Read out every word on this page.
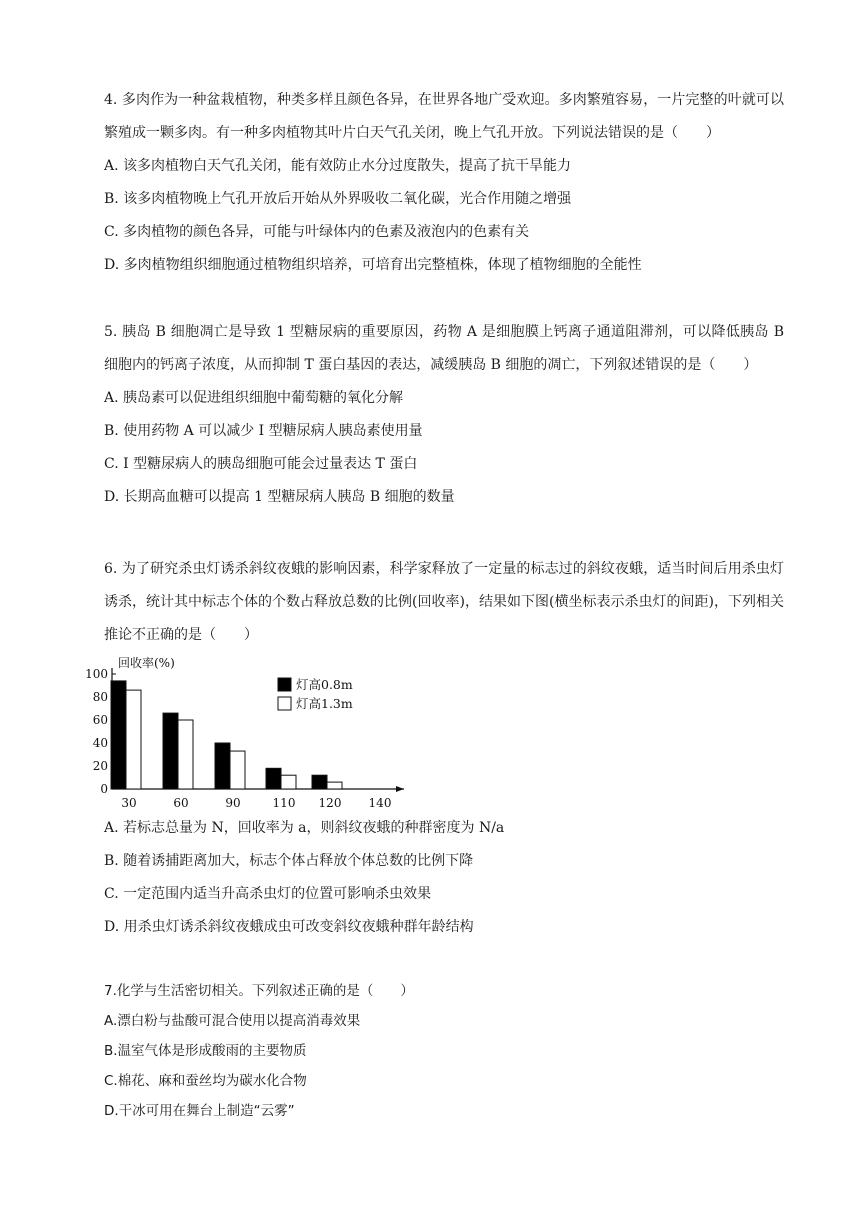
4. 多肉作为一种盆栽植物，种类多样且颜色各异，在世界各地广受欢迎。多肉繁殖容易，一片完整的叶就可以繁殖成一颗多肉。有一种多肉植物其叶片白天气孔关闭，晚上气孔开放。下列说法错误的是（　　）

A. 该多肉植物白天气孔关闭，能有效防止水分过度散失，提高了抗干旱能力

B. 该多肉植物晚上气孔开放后开始从外界吸收二氧化碳，光合作用随之增强

C. 多肉植物的颜色各异，可能与叶绿体内的色素及液泡内的色素有关

D. 多肉植物组织细胞通过植物组织培养，可培育出完整植株，体现了植物细胞的全能性

5. 胰岛 B 细胞凋亡是导致 1 型糖尿病的重要原因，药物 A 是细胞膜上钙离子通道阻滞剂，可以降低胰岛 B 细胞内的钙离子浓度，从而抑制 T 蛋白基因的表达，减缓胰岛 B 细胞的凋亡，下列叙述错误的是（　　）

A. 胰岛素可以促进组织细胞中葡萄糖的氧化分解

B. 使用药物 A 可以减少 I 型糖尿病人胰岛素使用量

C. I 型糖尿病人的胰岛细胞可能会过量表达 T 蛋白

D. 长期高血糖可以提高 1 型糖尿病人胰岛 B 细胞的数量

6. 为了研究杀虫灯诱杀斜纹夜蛾的影响因素，科学家释放了一定量的标志过的斜纹夜蛾，适当时间后用杀虫灯诱杀，统计其中标志个体的个数占释放总数的比例(回收率)，结果如下图(横坐标表示杀虫灯的间距)，下列相关推论不正确的是（　　）

回收率(%)
0
20
40
60
80
100
30	60	90	110 120 140
灯高0.8m
灯高1.3m

A. 若标志总量为 N，回收率为 a，则斜纹夜蛾的种群密度为 N/a

B. 随着诱捕距离加大，标志个体占释放个体总数的比例下降

C. 一定范围内适当升高杀虫灯的位置可影响杀虫效果

D. 用杀虫灯诱杀斜纹夜蛾成虫可改变斜纹夜蛾种群年龄结构

7.化学与生活密切相关。下列叙述正确的是（　　）

A.漂白粉与盐酸可混合使用以提高消毒效果

B.温室气体是形成酸雨的主要物质

C.棉花、麻和蚕丝均为碳水化合物

D.干冰可用在舞台上制造“云雾”
